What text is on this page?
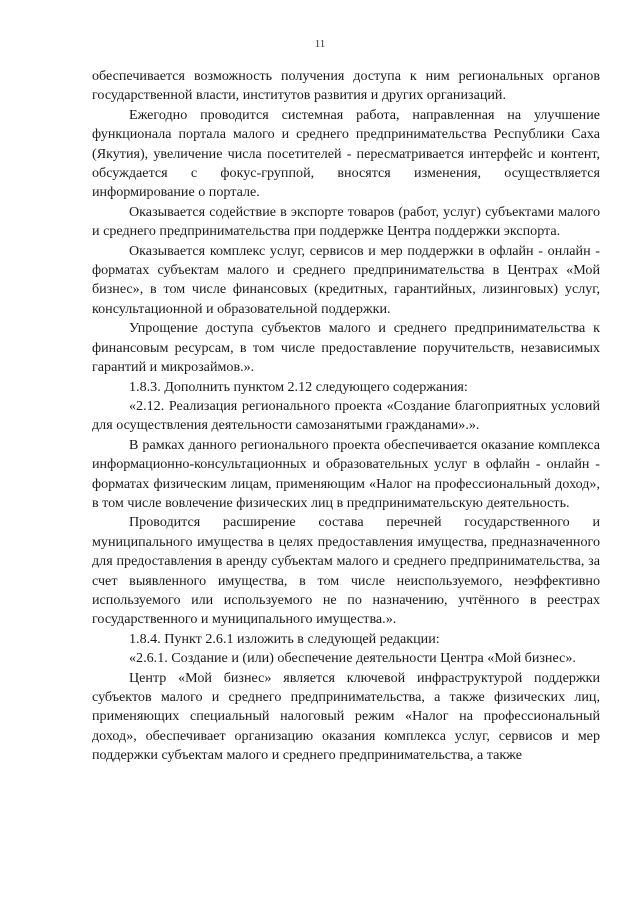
11

обеспечивается возможность получения доступа к ним региональных органов государственной власти, институтов развития и других организаций.

Ежегодно проводится системная работа, направленная на улучшение функционала портала малого и среднего предпринимательства Республики Саха (Якутия), увеличение числа посетителей - пересматривается интерфейс и контент, обсуждается с фокус-группой, вносятся изменения, осуществляется информирование о портале.

Оказывается содействие в экспорте товаров (работ, услуг) субъектами малого и среднего предпринимательства при поддержке Центра поддержки экспорта.

Оказывается комплекс услуг, сервисов и мер поддержки в офлайн - онлайн - форматах субъектам малого и среднего предпринимательства в Центрах «Мой бизнес», в том числе финансовых (кредитных, гарантийных, лизинговых) услуг, консультационной и образовательной поддержки.

Упрощение доступа субъектов малого и среднего предпринимательства к финансовым ресурсам, в том числе предоставление поручительств, независимых гарантий и микрозаймов.».

1.8.3. Дополнить пунктом 2.12 следующего содержания:

«2.12. Реализация регионального проекта «Создание благоприятных условий для осуществления деятельности самозанятыми гражданами».».

В рамках данного регионального проекта обеспечивается оказание комплекса информационно-консультационных и образовательных услуг в офлайн - онлайн - форматах физическим лицам, применяющим «Налог на профессиональный доход», в том числе вовлечение физических лиц в предпринимательскую деятельность.

Проводится расширение состава перечней государственного и муниципального имущества в целях предоставления имущества, предназначенного для предоставления в аренду субъектам малого и среднего предпринимательства, за счет выявленного имущества, в том числе неиспользуемого, неэффективно используемого или используемого не по назначению, учтённого в реестрах государственного и муниципального имущества.».

1.8.4. Пункт 2.6.1 изложить в следующей редакции:

«2.6.1. Создание и (или) обеспечение деятельности Центра «Мой бизнес».

Центр «Мой бизнес» является ключевой инфраструктурой поддержки субъектов малого и среднего предпринимательства, а также физических лиц, применяющих специальный налоговый режим «Налог на профессиональный доход», обеспечивает организацию оказания комплекса услуг, сервисов и мер поддержки субъектам малого и среднего предпринимательства, а также
